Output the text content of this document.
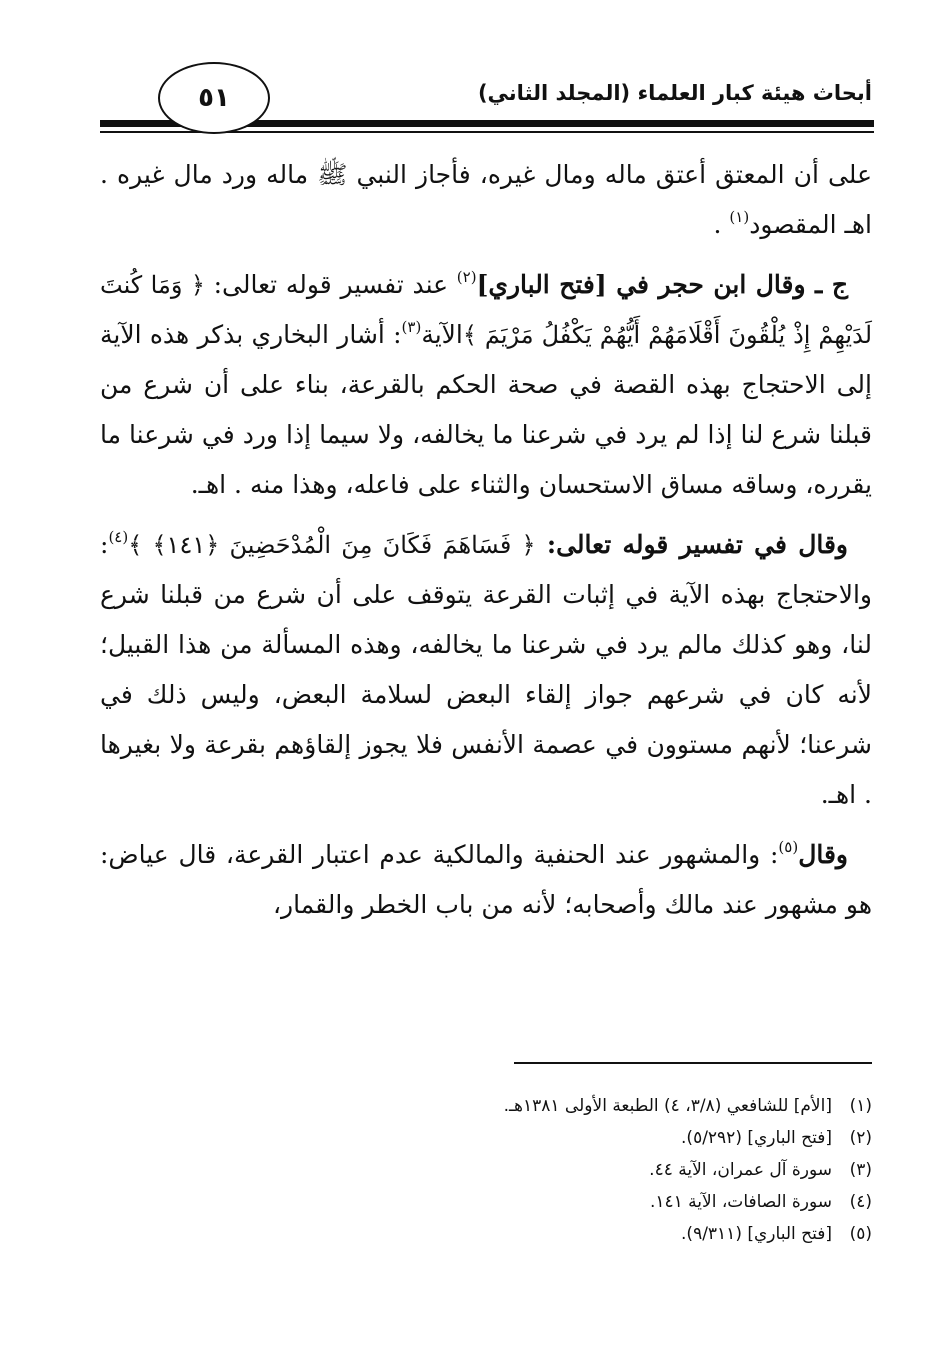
أبحاث هيئة كبار العلماء (المجلد الثاني)
٥١

على أن المعتق أعتق ماله ومال غيره، فأجاز النبي ﷺ ماله ورد مال غيره . اهـ المقصود$^{(١)}$ .

ج ـ وقال ابن حجر في [فتح الباري]$^{(٢)}$ عند تفسير قوله تعالى: ﴿ وَمَا كُنتَ لَدَيْهِمْ إِذْ يُلْقُونَ أَقْلَامَهُمْ أَيُّهُمْ يَكْفُلُ مَرْيَمَ ﴾الآية$^{(٣)}$: أشار البخاري بذكر هذه الآية إلى الاحتجاج بهذه القصة في صحة الحكم بالقرعة، بناء على أن شرع من قبلنا شرع لنا إذا لم يرد في شرعنا ما يخالفه، ولا سيما إذا ورد في شرعنا ما يقرره، وساقه مساق الاستحسان والثناء على فاعله، وهذا منه . اهـ.

وقال في تفسير قوله تعالى: ﴿ فَسَاهَمَ فَكَانَ مِنَ الْمُدْحَضِينَ ﴿١٤١﴾ ﴾$^{(٤)}$: والاحتجاج بهذه الآية في إثبات القرعة يتوقف على أن شرع من قبلنا شرع لنا، وهو كذلك مالم يرد في شرعنا ما يخالفه، وهذه المسألة من هذا القبيل؛ لأنه كان في شرعهم جواز إلقاء البعض لسلامة البعض، وليس ذلك في شرعنا؛ لأنهم مستوون في عصمة الأنفس فلا يجوز إلقاؤهم بقرعة ولا بغيرها . اهـ.

وقال$^{(٥)}$: والمشهور عند الحنفية والمالكية عدم اعتبار القرعة، قال عياض: هو مشهور عند مالك وأصحابه؛ لأنه من باب الخطر والقمار،

(١)
[الأم] للشافعي (٣/٨، ٤) الطبعة الأولى ١٣٨١هـ.
(٢)
[فتح الباري] (٥/٢٩٢).
(٣)
سورة آل عمران، الآية ٤٤.
(٤)
سورة الصافات، الآية ١٤١.
(٥)
[فتح الباري] (٩/٣١١).
